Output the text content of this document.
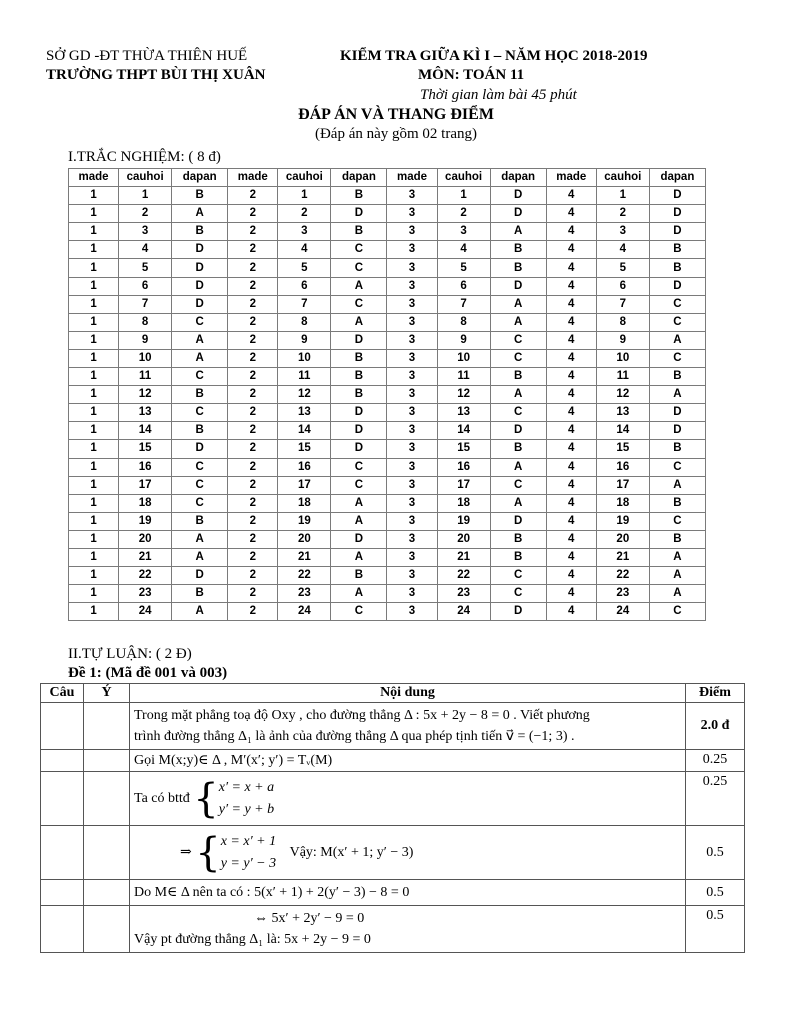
SỞ GD -ĐT THỪA THIÊN HUẾ
TRƯỜNG THPT BÙI THỊ XUÂN
KIỂM TRA GIỮA KÌ I – NĂM HỌC 2018-2019
MÔN: TOÁN 11
Thời gian làm bài 45 phút
ĐÁP ÁN VÀ THANG ĐIỂM
(Đáp án này gồm 02 trang)
I.TRẮC NGHIỆM: ( 8 đ)
made	cauhoi	dapan	made	cauhoi	dapan	made	cauhoi	dapan	made	cauhoi	dapan
1	1	B	2	1	B	3	1	D	4	1	D
1	2	A	2	2	D	3	2	D	4	2	D
1	3	B	2	3	B	3	3	A	4	3	D
1	4	D	2	4	C	3	4	B	4	4	B
1	5	D	2	5	C	3	5	B	4	5	B
1	6	D	2	6	A	3	6	D	4	6	D
1	7	D	2	7	C	3	7	A	4	7	C
1	8	C	2	8	A	3	8	A	4	8	C
1	9	A	2	9	D	3	9	C	4	9	A
1	10	A	2	10	B	3	10	C	4	10	C
1	11	C	2	11	B	3	11	B	4	11	B
1	12	B	2	12	B	3	12	A	4	12	A
1	13	C	2	13	D	3	13	C	4	13	D
1	14	B	2	14	D	3	14	D	4	14	D
1	15	D	2	15	D	3	15	B	4	15	B
1	16	C	2	16	C	3	16	A	4	16	C
1	17	C	2	17	C	3	17	C	4	17	A
1	18	C	2	18	A	3	18	A	4	18	B
1	19	B	2	19	A	3	19	D	4	19	C
1	20	A	2	20	D	3	20	B	4	20	B
1	21	A	2	21	A	3	21	B	4	21	A
1	22	D	2	22	B	3	22	C	4	22	A
1	23	B	2	23	A	3	23	C	4	23	A
1	24	A	2	24	C	3	24	D	4	24	C
II.TỰ LUẬN: ( 2 Đ)
Đề 1: (Mã đề 001 và 003)
Câu	Ý	Nội dung	Điểm

		Trong mặt phẳng toạ độ Oxy , cho đường thẳng Δ : 5x + 2y − 8 = 0 . Viết phương
trình đường thẳng Δ₁ là ảnh của đường thẳng Δ qua phép tịnh tiến v⃗ = (−1; 3) .	2.0 đ
		Gọi M(x;y)∈ Δ , M′(x′; y′) = Tᵥ(M)	0.25
		Ta có bttđ { x′ = x + a
y′ = y + b	0.25
		⇒ { x = x′ + 1
y = y′ − 3
Vậy: M(x′ + 1; y′ − 3)	0.5
		Do M∈ Δ nên ta có : 5(x′ + 1) + 2(y′ − 3) − 8 = 0	0.5

		⇔ 5x′ + 2y′ − 9 = 0
Vậy pt đường thẳng Δ₁ là: 5x + 2y − 9 = 0	0.5
